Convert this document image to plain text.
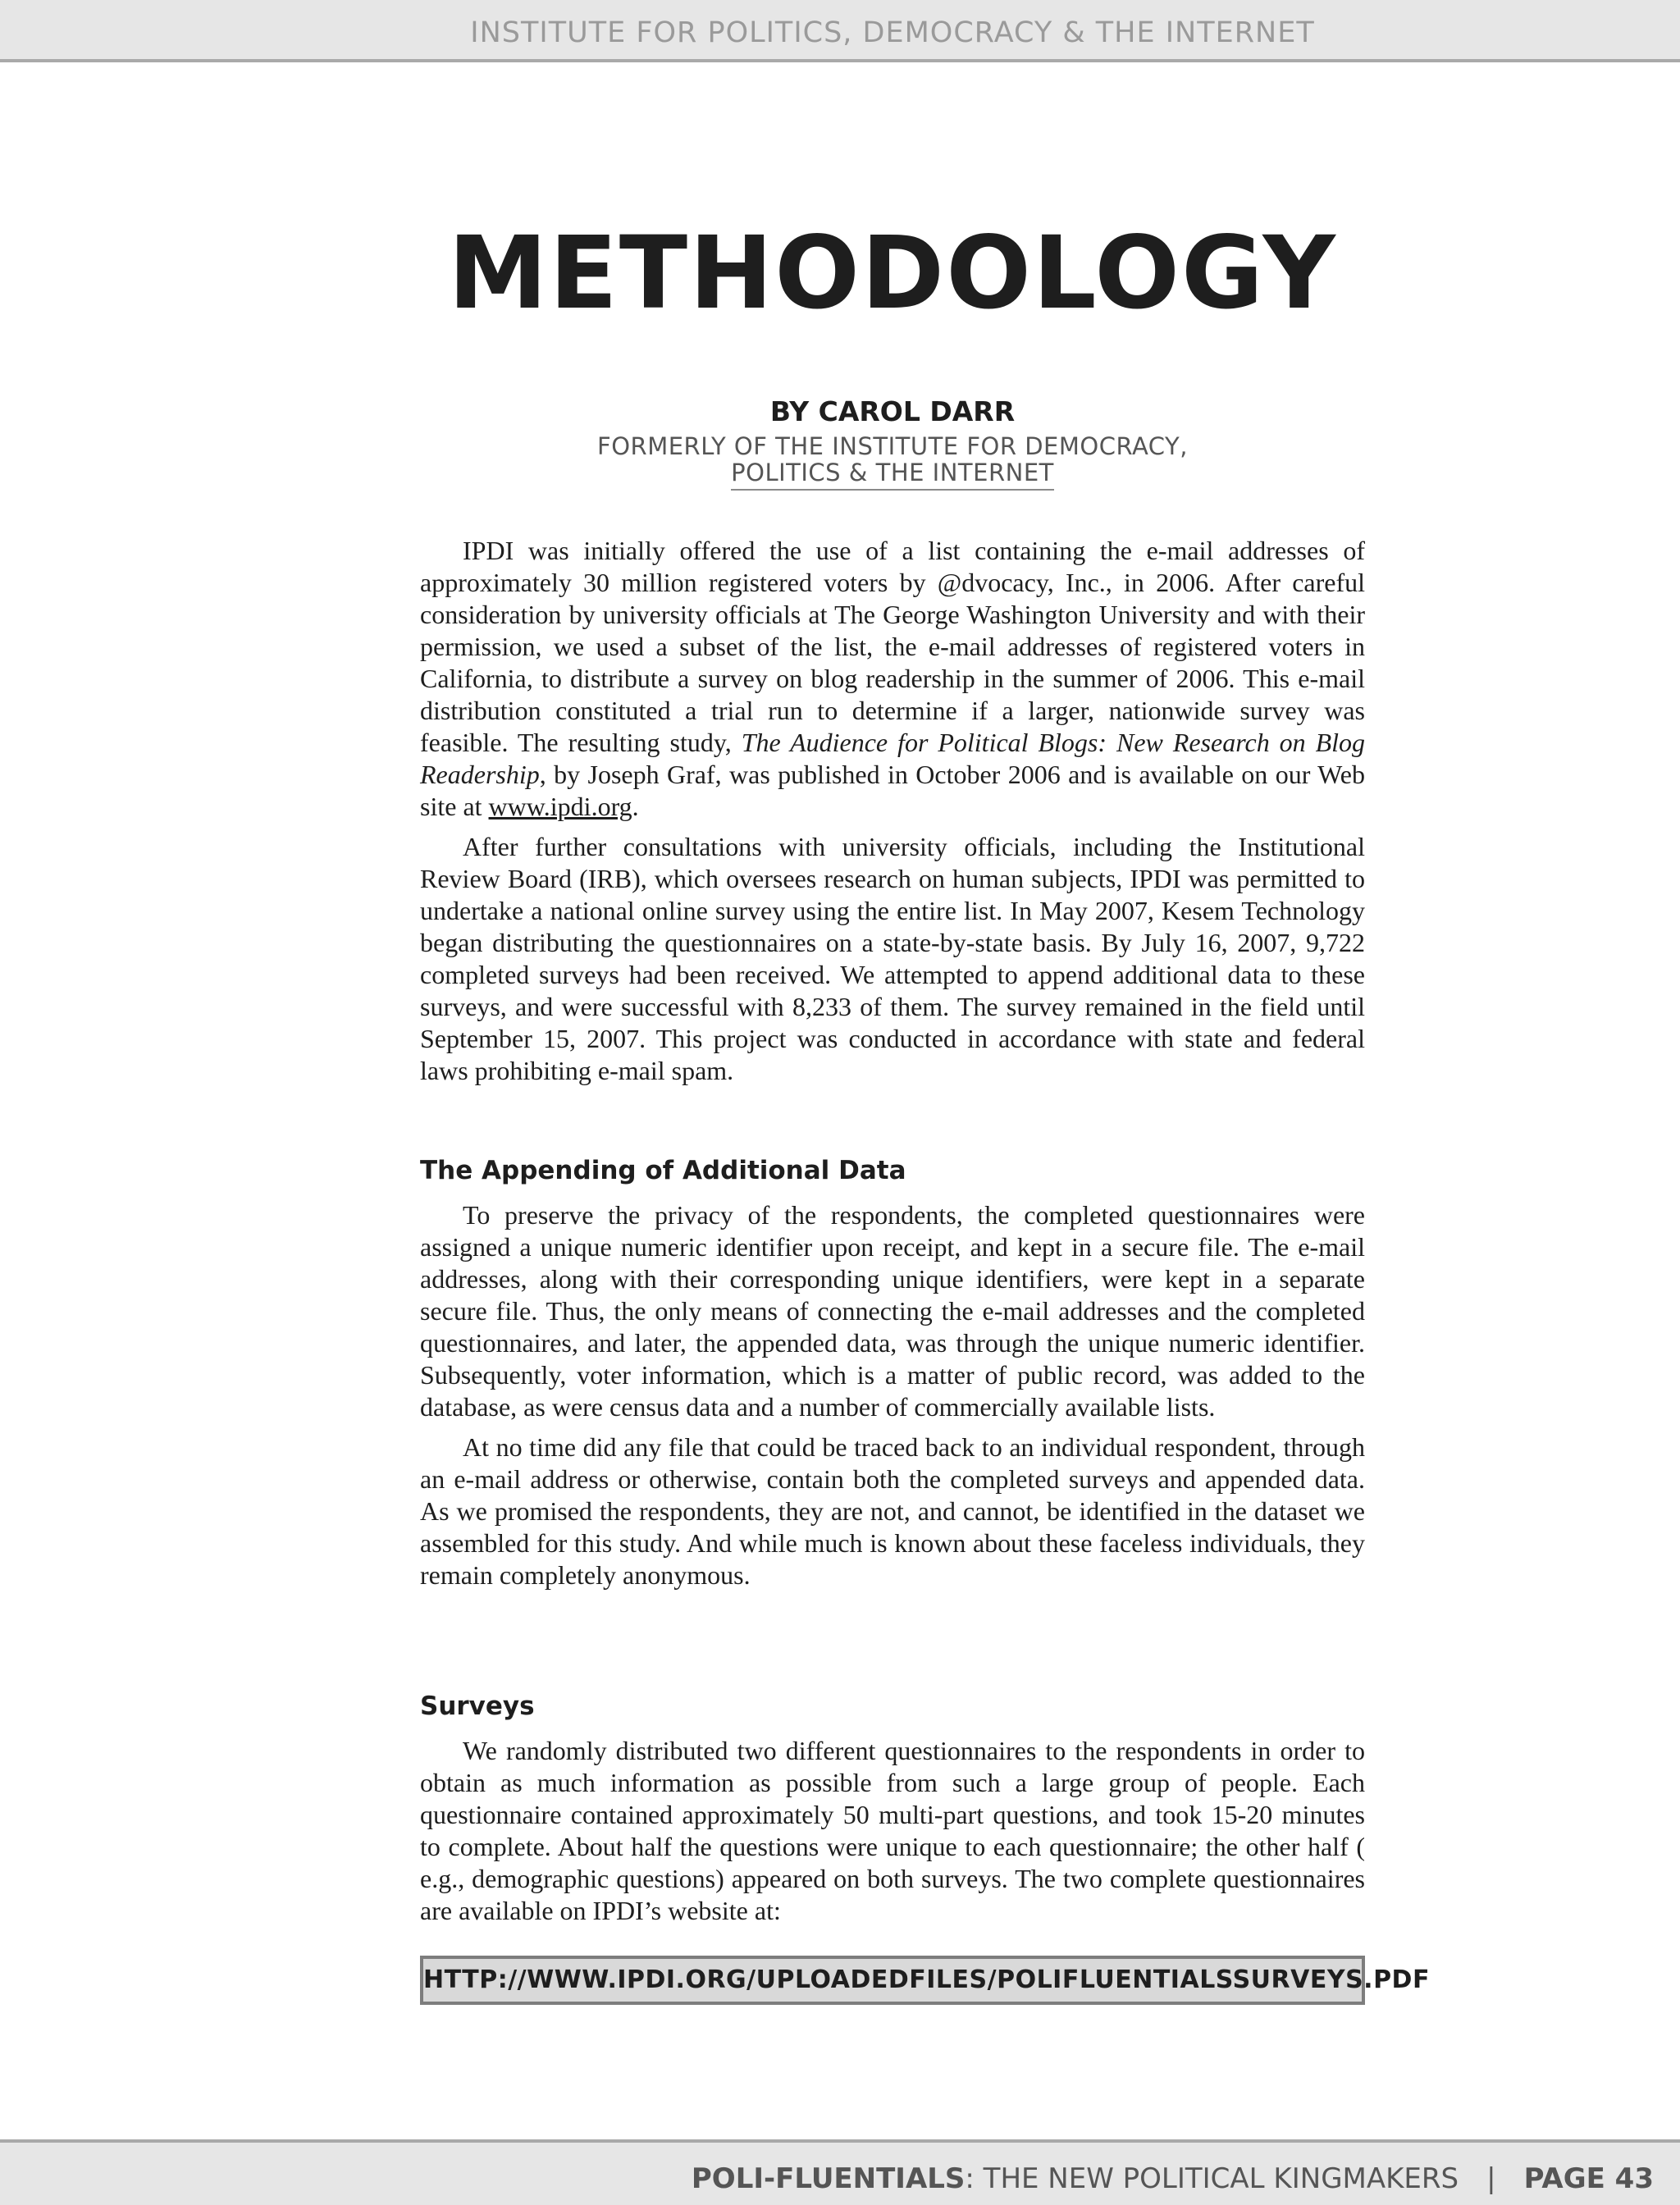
INSTITUTE FOR POLITICS, DEMOCRACY & THE INTERNET
METHODOLOGY
BY CAROL DARR
FORMERLY OF THE INSTITUTE FOR DEMOCRACY,
POLITICS & THE INTERNET

IPDI was initially offered the use of a list containing the e-mail addresses of approximately 30 million registered voters by @dvocacy, Inc., in 2006. After careful consideration by university officials at The George Washington University and with their permission, we used a subset of the list, the e-mail addresses of registered voters in California, to distribute a survey on blog readership in the summer of 2006. This e-mail distribution constituted a trial run to determine if a larger, nationwide survey was feasible. The resulting study, The Audience for Political Blogs: New Research on Blog Readership, by Joseph Graf, was published in October 2006 and is available on our Web site at www.ipdi.org.

After further consultations with university officials, including the Institutional Review Board (IRB), which oversees research on human subjects, IPDI was permitted to undertake a national online survey using the entire list. In May 2007, Kesem Technology began distributing the questionnaires on a state-by-state basis. By July 16, 2007, 9,722 completed surveys had been received. We attempted to append additional data to these surveys, and were successful with 8,233 of them. The survey remained in the field until September 15, 2007. This project was conducted in accordance with state and federal laws prohibiting e-mail spam.

The Appending of Additional Data

To preserve the privacy of the respondents, the completed questionnaires were assigned a unique numeric identifier upon receipt, and kept in a secure file. The e-mail addresses, along with their corresponding unique identifiers, were kept in a separate secure file. Thus, the only means of connecting the e-mail addresses and the completed questionnaires, and later, the appended data, was through the unique numeric identifier. Subsequently, voter information, which is a matter of public record, was added to the database, as were census data and a number of commercially available lists.

At no time did any file that could be traced back to an individual respondent, through an e-mail address or otherwise, contain both the completed surveys and appended data. As we promised the respondents, they are not, and cannot, be identified in the dataset we assembled for this study. And while much is known about these faceless individuals, they remain completely anonymous.

Surveys

We randomly distributed two different questionnaires to the respondents in order to obtain as much information as possible from such a large group of people. Each questionnaire contained approximately 50 multi-part questions, and took 15-20 minutes to complete. About half the questions were unique to each questionnaire; the other half ( e.g., demographic questions) appeared on both surveys. The two complete questionnaires are available on IPDI’s website at:

HTTP://WWW.IPDI.ORG/UPLOADEDFILES/POLIFLUENTIALSSURVEYS.PDF
POLI-FLUENTIALS: THE NEW POLITICAL KINGMAKERS | PAGE 43
